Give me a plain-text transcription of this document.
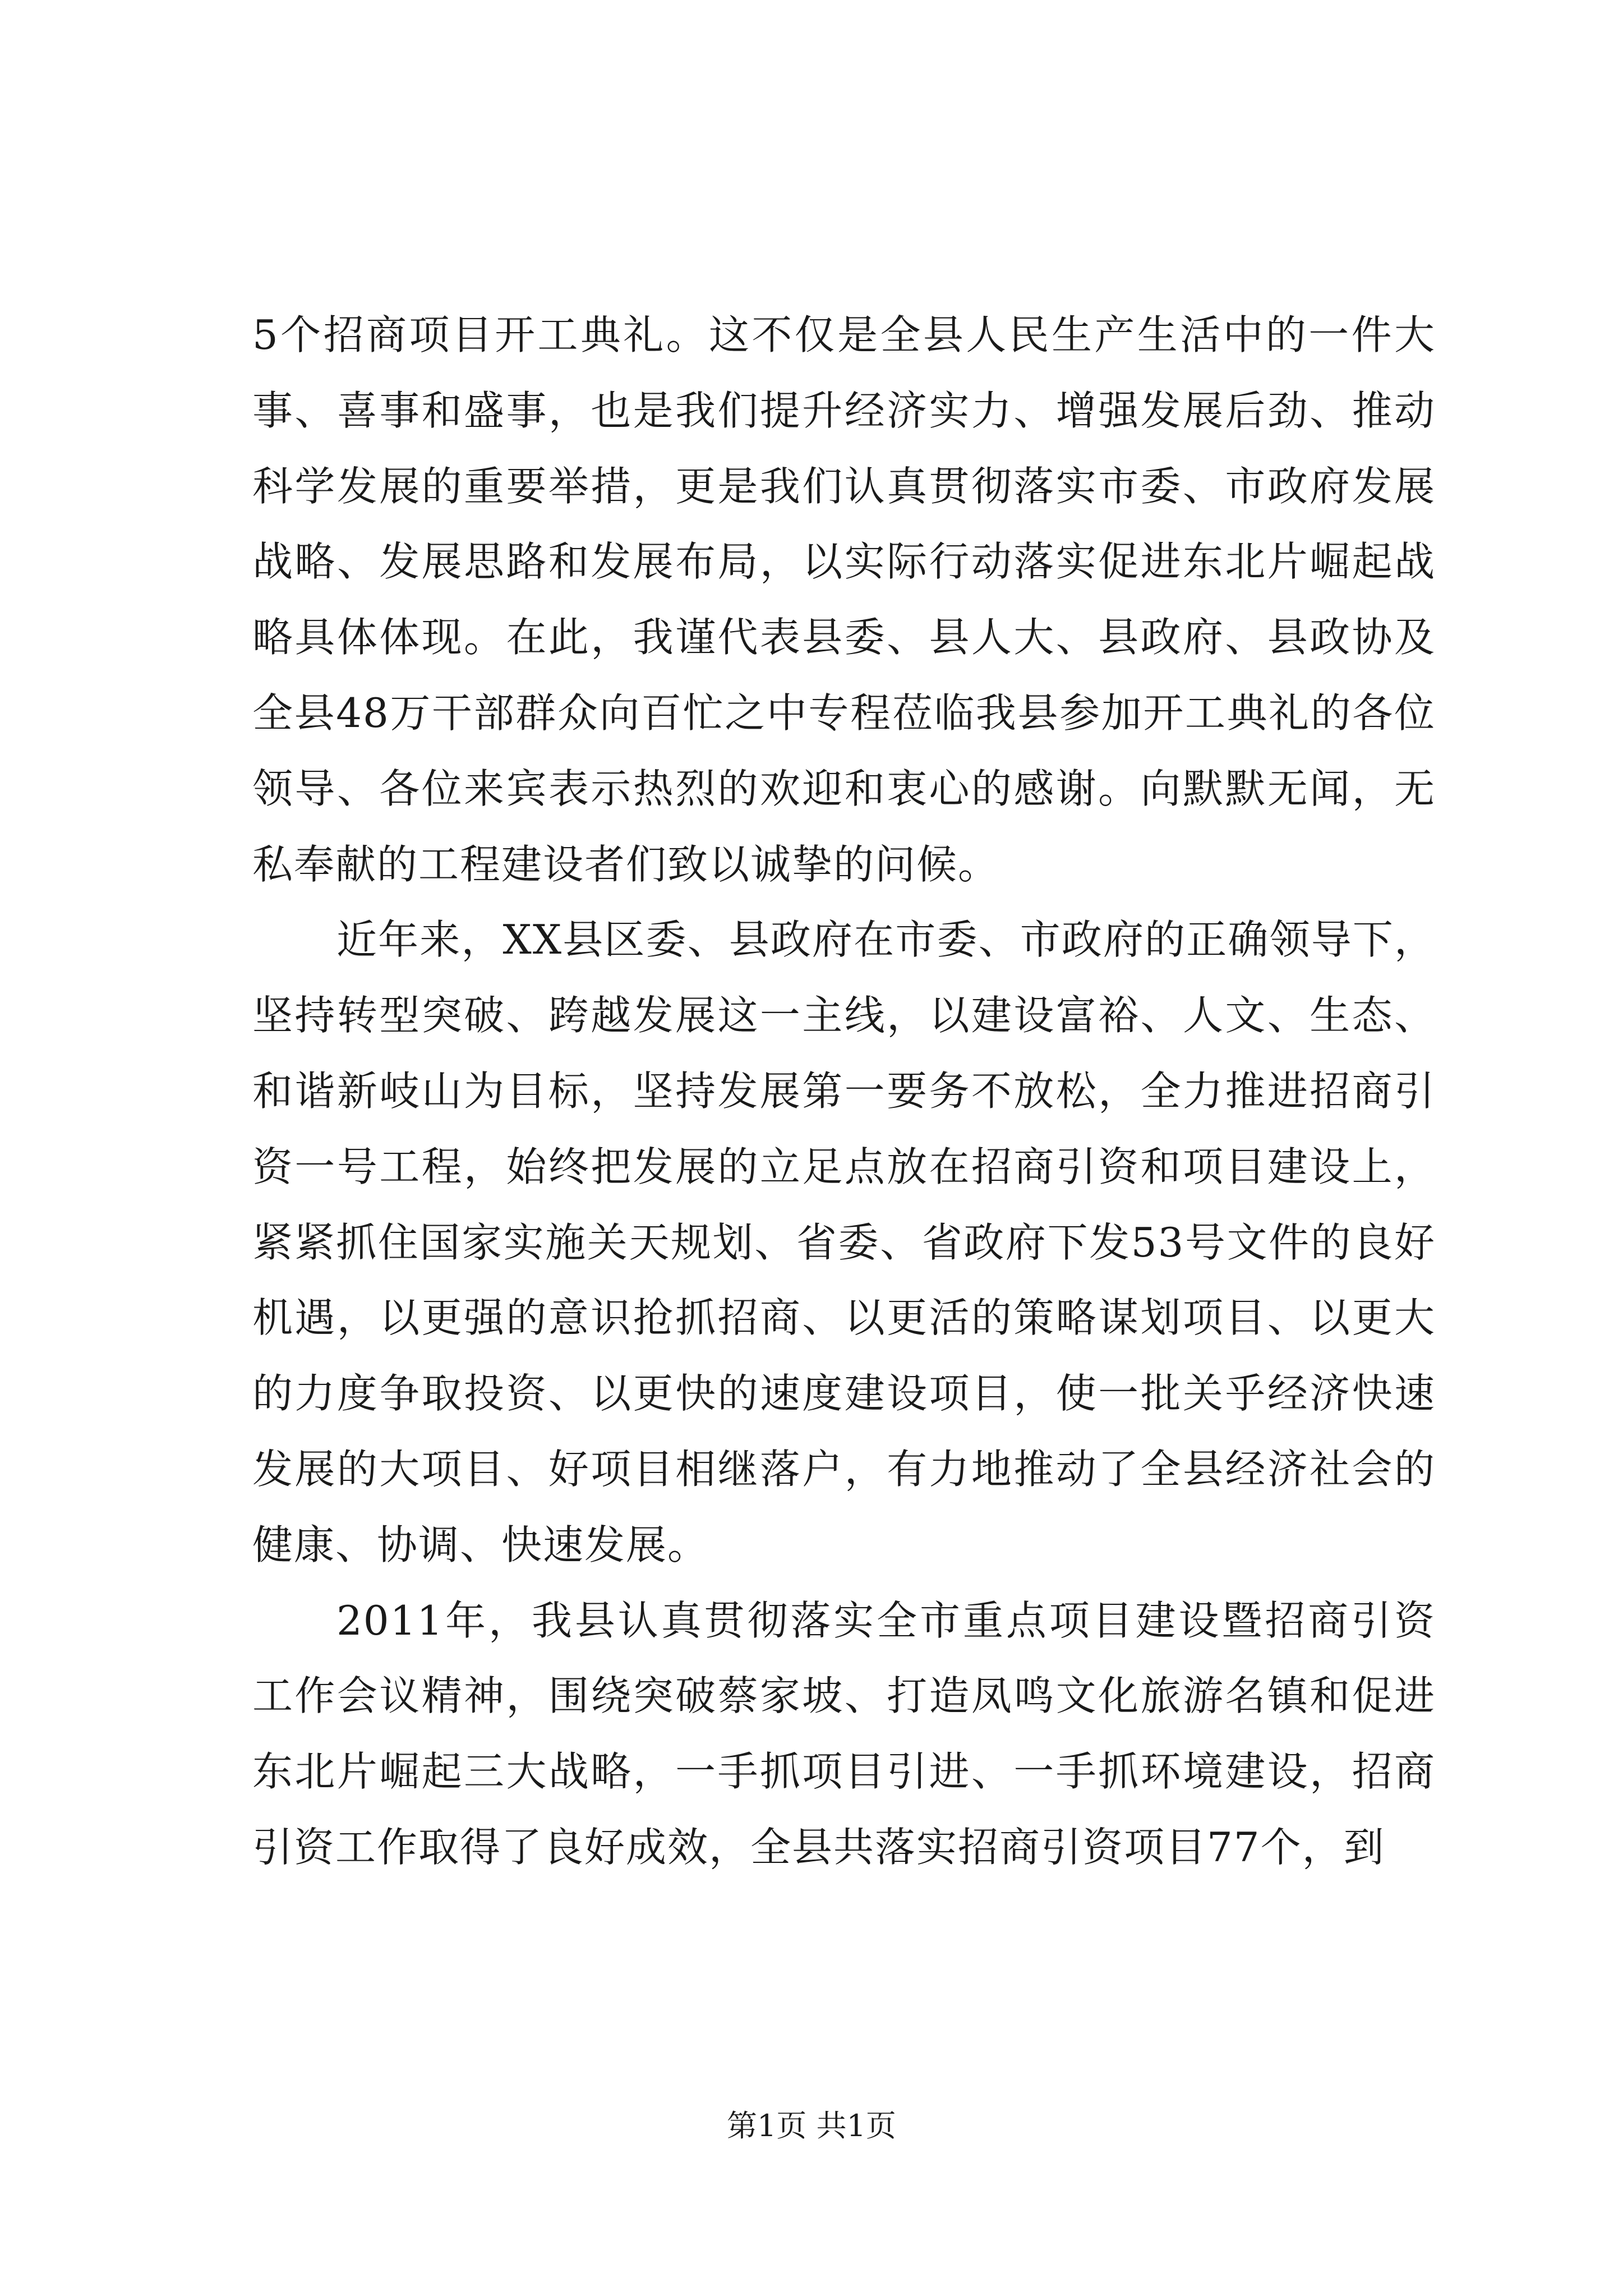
5个招商项目开工典礼。这不仅是全县人民生产生活中的一件大事、喜事和盛事，也是我们提升经济实力、增强发展后劲、推动科学发展的重要举措，更是我们认真贯彻落实市委、市政府发展战略、发展思路和发展布局，以实际行动落实促进东北片崛起战略具体体现。在此，我谨代表县委、县人大、县政府、县政协及全县48万干部群众向百忙之中专程莅临我县参加开工典礼的各位领导、各位来宾表示热烈的欢迎和衷心的感谢。向默默无闻，无私奉献的工程建设者们致以诚挚的问候。

近年来，XX县区委、县政府在市委、市政府的正确领导下，坚持转型突破、跨越发展这一主线，以建设富裕、人文、生态、和谐新岐山为目标，坚持发展第一要务不放松，全力推进招商引资一号工程，始终把发展的立足点放在招商引资和项目建设上，紧紧抓住国家实施关天规划、省委、省政府下发53号文件的良好机遇，以更强的意识抢抓招商、以更活的策略谋划项目、以更大的力度争取投资、以更快的速度建设项目，使一批关乎经济快速发展的大项目、好项目相继落户，有力地推动了全县经济社会的健康、协调、快速发展。

2011年，我县认真贯彻落实全市重点项目建设暨招商引资工作会议精神，围绕突破蔡家坡、打造凤鸣文化旅游名镇和促进东北片崛起三大战略，一手抓项目引进、一手抓环境建设，招商引资工作取得了良好成效，全县共落实招商引资项目77个，到

第1页 共1页
